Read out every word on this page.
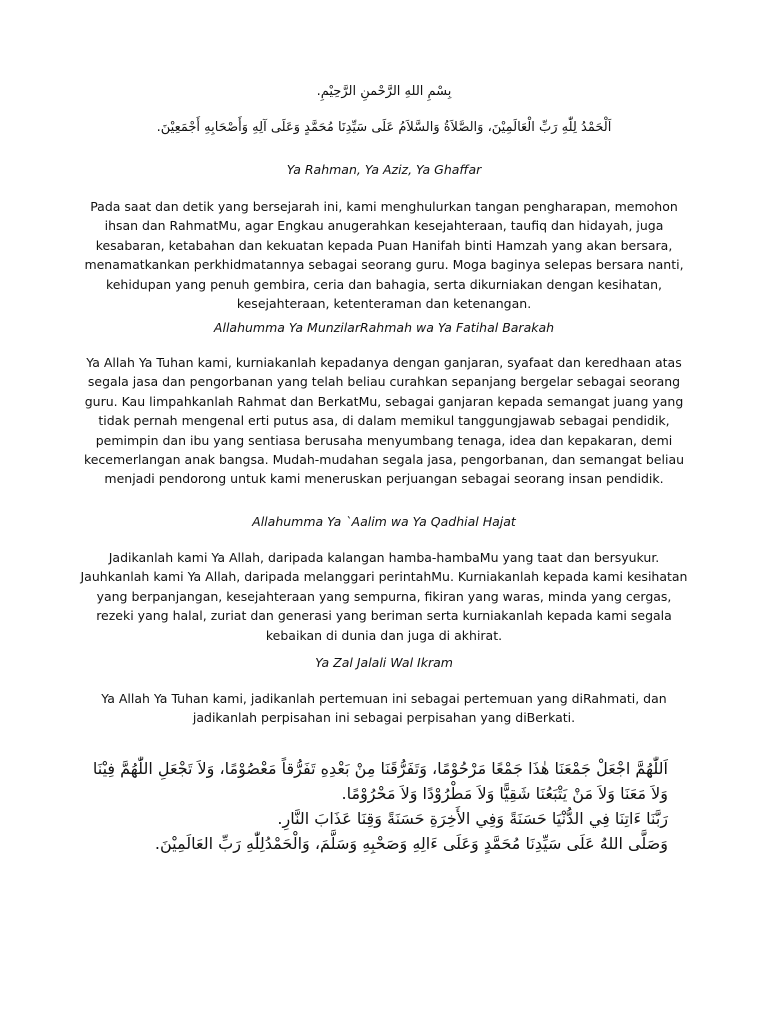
بِسْمِ اللهِ الرَّحْمنِ الرَّحِيْمِ.
اَلْحَمْدُ لِلّٰهِ رَبِّ الْعَالَمِيْنَ، وَالصَّلاَةُ وَالسَّلاَمُ عَلَى سَيِّدِنَا مُحَمَّدٍ وَعَلَى آلِهِ وَأَصْحَابِهِ أَجْمَعِيْنَ.
Ya Rahman, Ya Aziz, Ya Ghaffar
Pada saat dan detik yang bersejarah ini, kami menghulurkan tangan pengharapan, memohon ihsan dan RahmatMu, agar Engkau anugerahkan kesejahteraan, taufiq dan hidayah, juga kesabaran, ketabahan dan kekuatan kepada Puan Hanifah binti Hamzah yang akan bersara, menamatkankan perkhidmatannya sebagai seorang guru. Moga baginya selepas bersara nanti, kehidupan yang penuh gembira, ceria dan bahagia, serta dikurniakan dengan kesihatan, kesejahteraan, ketenteraman dan ketenangan.
Allahumma Ya MunzilarRahmah wa Ya Fatihal Barakah
Ya Allah Ya Tuhan kami, kurniakanlah kepadanya dengan ganjaran, syafaat dan keredhaan atas segala jasa dan pengorbanan yang telah beliau curahkan sepanjang bergelar sebagai seorang guru. Kau limpahkanlah Rahmat dan BerkatMu, sebagai ganjaran kepada semangat juang yang tidak pernah mengenal erti putus asa, di dalam memikul tanggungjawab sebagai pendidik, pemimpin dan ibu yang sentiasa berusaha menyumbang tenaga, idea dan kepakaran, demi kecemerlangan anak bangsa. Mudah-mudahan segala jasa, pengorbanan, dan semangat beliau menjadi pendorong untuk kami meneruskan perjuangan sebagai seorang insan pendidik.
Allahumma Ya `Aalim wa Ya Qadhial Hajat
Jadikanlah kami Ya Allah, daripada kalangan hamba-hambaMu yang taat dan bersyukur. Jauhkanlah kami Ya Allah, daripada melanggari perintahMu. Kurniakanlah kepada kami kesihatan yang berpanjangan, kesejahteraan yang sempurna, fikiran yang waras, minda yang cergas, rezeki yang halal, zuriat dan generasi yang beriman serta kurniakanlah kepada kami segala kebaikan di dunia dan juga di akhirat.
Ya Zal Jalali Wal Ikram
Ya Allah Ya Tuhan kami, jadikanlah pertemuan ini sebagai pertemuan yang diRahmati, dan jadikanlah perpisahan ini sebagai perpisahan yang diBerkati.
اَللّٰهُمَّ اجْعَلْ جَمْعَنَا هٰذَا جَمْعًا مَرْحُوْمًا، وَتَفَرُّقَنَا مِنْ بَعْدِهِ تَفَرُّقاً مَعْصُوْمًا، وَلاَ تَجْعَلِ اللّٰهُمَّ فِيْنَا
وَلاَ مَعَنَا وَلاَ مَنْ يَتْبَعُنَا شَقِيًّا وَلاَ مَطْرُوْدًا وَلاَ مَحْرُوْمًا.
رَبَّنَا ءَاتِنَا فِي الدُّنْيَا حَسَنَةً وَفِي الأَخِرَةِ حَسَنَةً وَقِنَا عَذَابَ النَّارِ.
وَصَلَّى اللهُ عَلَى سَيِّدِنَا مُحَمَّدٍ وَعَلَى ءَالِهِ وَصَحْبِهِ وَسَلَّمَ، وَالْحَمْدُلِلّٰهِ رَبِّ العَالَمِيْنَ.
